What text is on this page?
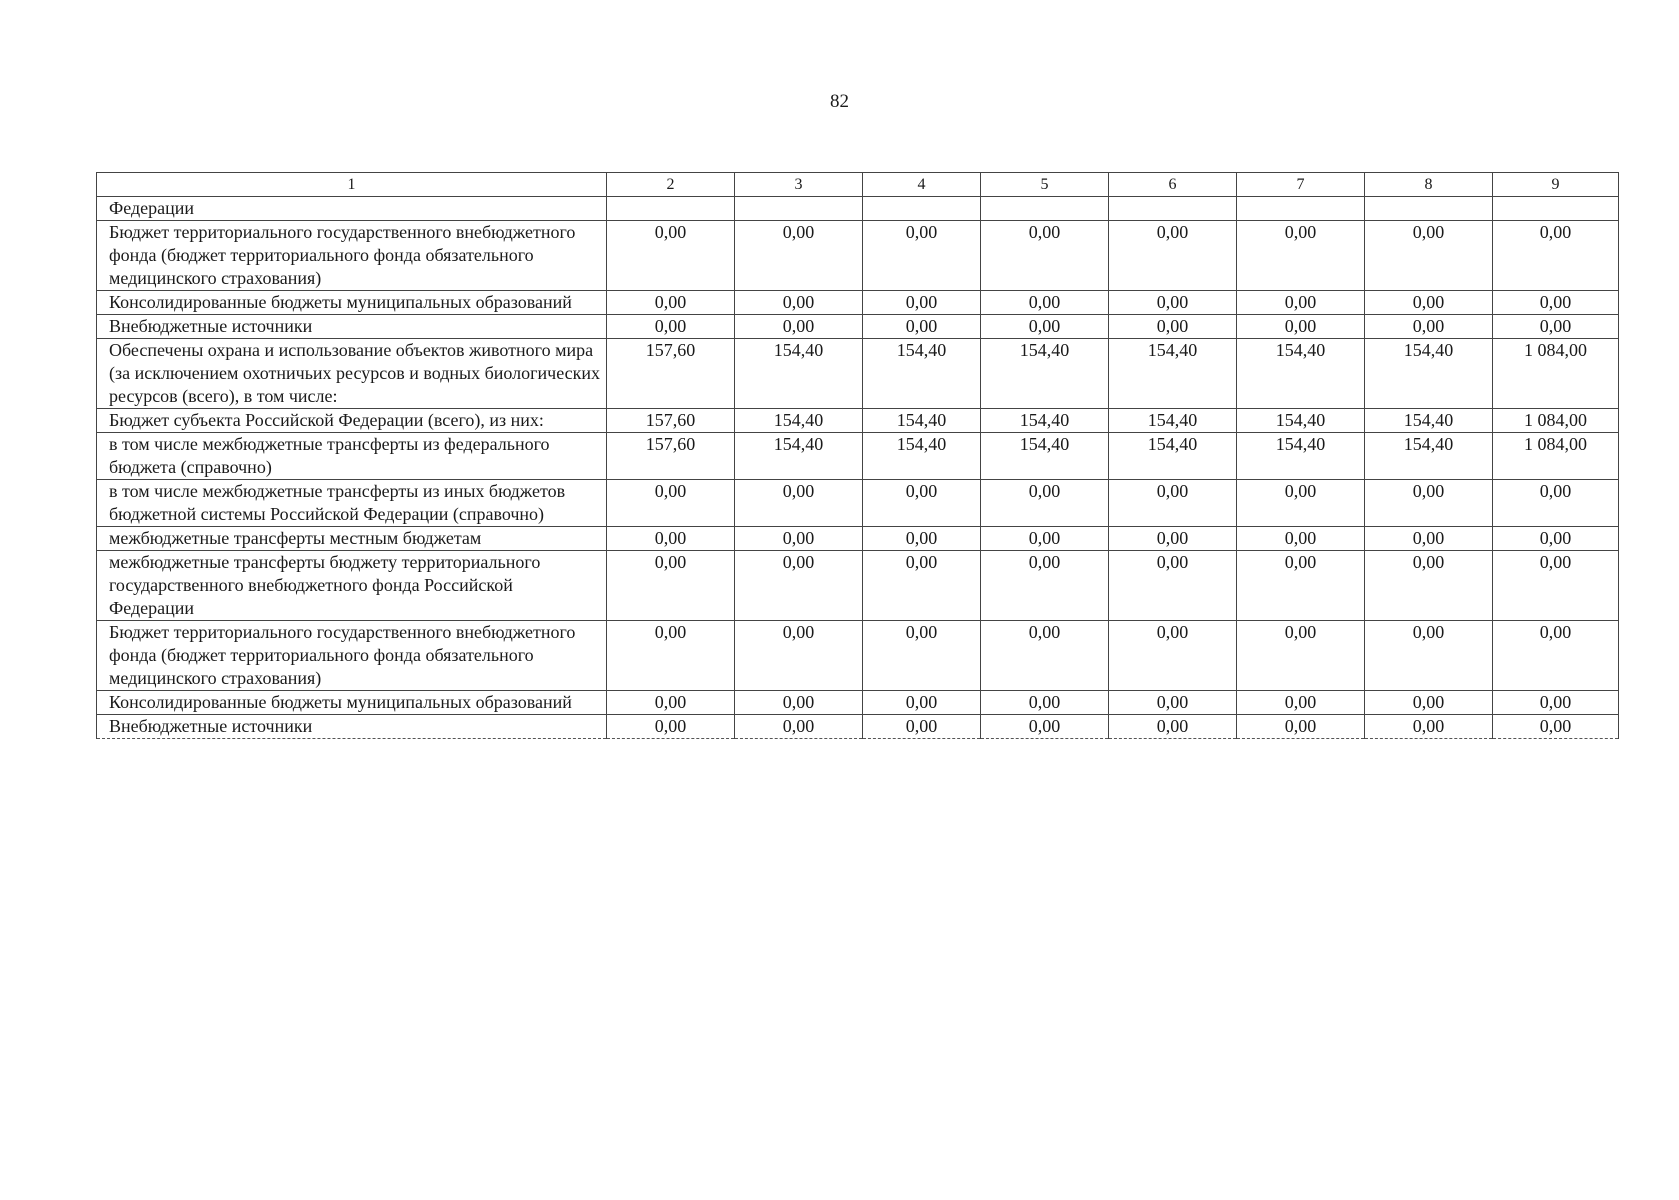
82
1	2	3	4	5	6	7	8	9
Федерации								
Бюджет территориального государственного внебюджетного фонда (бюджет территориального фонда обязательного медицинского страхования)	0,00	0,00	0,00	0,00	0,00	0,00	0,00	0,00
Консолидированные бюджеты муниципальных образований	0,00	0,00	0,00	0,00	0,00	0,00	0,00	0,00
Внебюджетные источники	0,00	0,00	0,00	0,00	0,00	0,00	0,00	0,00
Обеспечены охрана и использование объектов животного мира (за исключением охотничьих ресурсов и водных биологических ресурсов (всего), в том числе:	157,60	154,40	154,40	154,40	154,40	154,40	154,40	1 084,00
Бюджет субъекта Российской Федерации (всего), из них:	157,60	154,40	154,40	154,40	154,40	154,40	154,40	1 084,00
в том числе межбюджетные трансферты из федерального бюджета (справочно)	157,60	154,40	154,40	154,40	154,40	154,40	154,40	1 084,00
в том числе межбюджетные трансферты из иных бюджетов бюджетной системы Российской Федерации (справочно)	0,00	0,00	0,00	0,00	0,00	0,00	0,00	0,00
межбюджетные трансферты местным бюджетам	0,00	0,00	0,00	0,00	0,00	0,00	0,00	0,00
межбюджетные трансферты бюджету территориального государственного внебюджетного фонда Российской Федерации	0,00	0,00	0,00	0,00	0,00	0,00	0,00	0,00
Бюджет территориального государственного внебюджетного фонда (бюджет территориального фонда обязательного медицинского страхования)	0,00	0,00	0,00	0,00	0,00	0,00	0,00	0,00
Консолидированные бюджеты муниципальных образований	0,00	0,00	0,00	0,00	0,00	0,00	0,00	0,00
Внебюджетные источники	0,00	0,00	0,00	0,00	0,00	0,00	0,00	0,00
